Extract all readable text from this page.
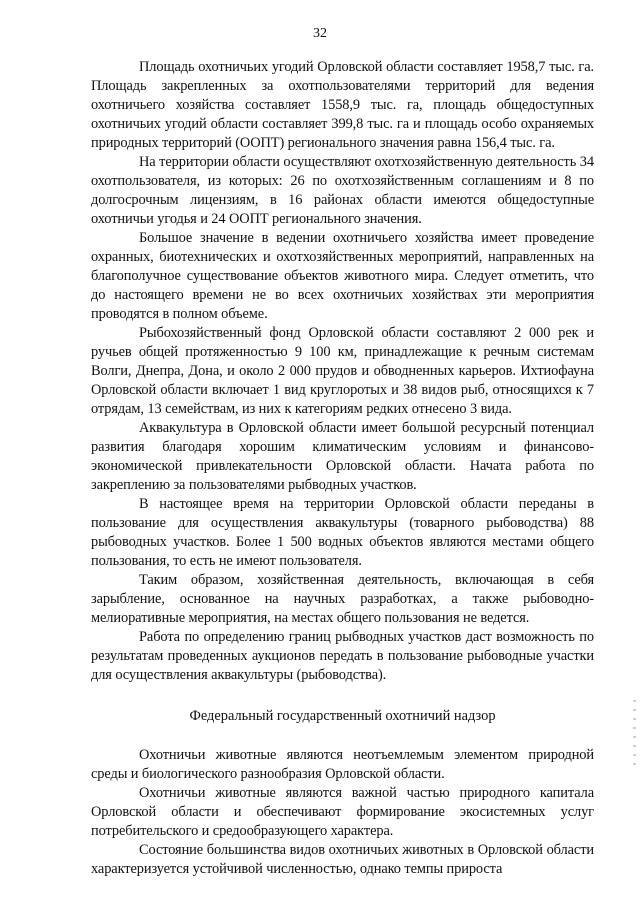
32

Площадь охотничьих угодий Орловской области составляет 1958,7 тыс. га. Площадь закрепленных за охотпользователями территорий для ведения охотничьего хозяйства составляет 1558,9 тыс. га, площадь общедоступных охотничьих угодий области составляет 399,8 тыс. га и площадь особо охраняемых природных территорий (ООПТ) регионального значения равна 156,4 тыс. га.

На территории области осуществляют охотхозяйственную деятельность 34 охотпользователя, из которых: 26 по охотхозяйственным соглашениям и 8 по долгосрочным лицензиям, в 16 районах области имеются общедоступные охотничьи угодья и 24 ООПТ регионального значения.

Большое значение в ведении охотничьего хозяйства имеет проведение охранных, биотехнических и охотхозяйственных мероприятий, направленных на благополучное существование объектов животного мира. Следует отметить, что до настоящего времени не во всех охотничьих хозяйствах эти мероприятия проводятся в полном объеме.

Рыбохозяйственный фонд Орловской области составляют 2 000 рек и ручьев общей протяженностью 9 100 км, принадлежащие к речным системам Волги, Днепра, Дона, и около 2 000 прудов и обводненных карьеров. Ихтиофауна Орловской области включает 1 вид круглоротых и 38 видов рыб, относящихся к 7 отрядам, 13 семействам, из них к категориям редких отнесено 3 вида.

Аквакультура в Орловской области имеет большой ресурсный потенциал развития благодаря хорошим климатическим условиям и финансово-экономической привлекательности Орловской области. Начата работа по закреплению за пользователями рыбводных участков.

В настоящее время на территории Орловской области переданы в пользование для осуществления аквакультуры (товарного рыбоводства) 88 рыбоводных участков. Более 1 500 водных объектов являются местами общего пользования, то есть не имеют пользователя.

Таким образом, хозяйственная деятельность, включающая в себя зарыбление, основанное на научных разработках, а также рыбоводно-мелиоративные мероприятия, на местах общего пользования не ведется.

Работа по определению границ рыбводных участков даст возможность по результатам проведенных аукционов передать в пользование рыбоводные участки для осуществления аквакультуры (рыбоводства).

Федеральный государственный охотничий надзор

Охотничьи животные являются неотъемлемым элементом природной среды и биологического разнообразия Орловской области.

Охотничьи животные являются важной частью природного капитала Орловской области и обеспечивают формирование экосистемных услуг потребительского и средообразующего характера.

Состояние большинства видов охотничьих животных в Орловской области характеризуется устойчивой численностью, однако темпы прироста
